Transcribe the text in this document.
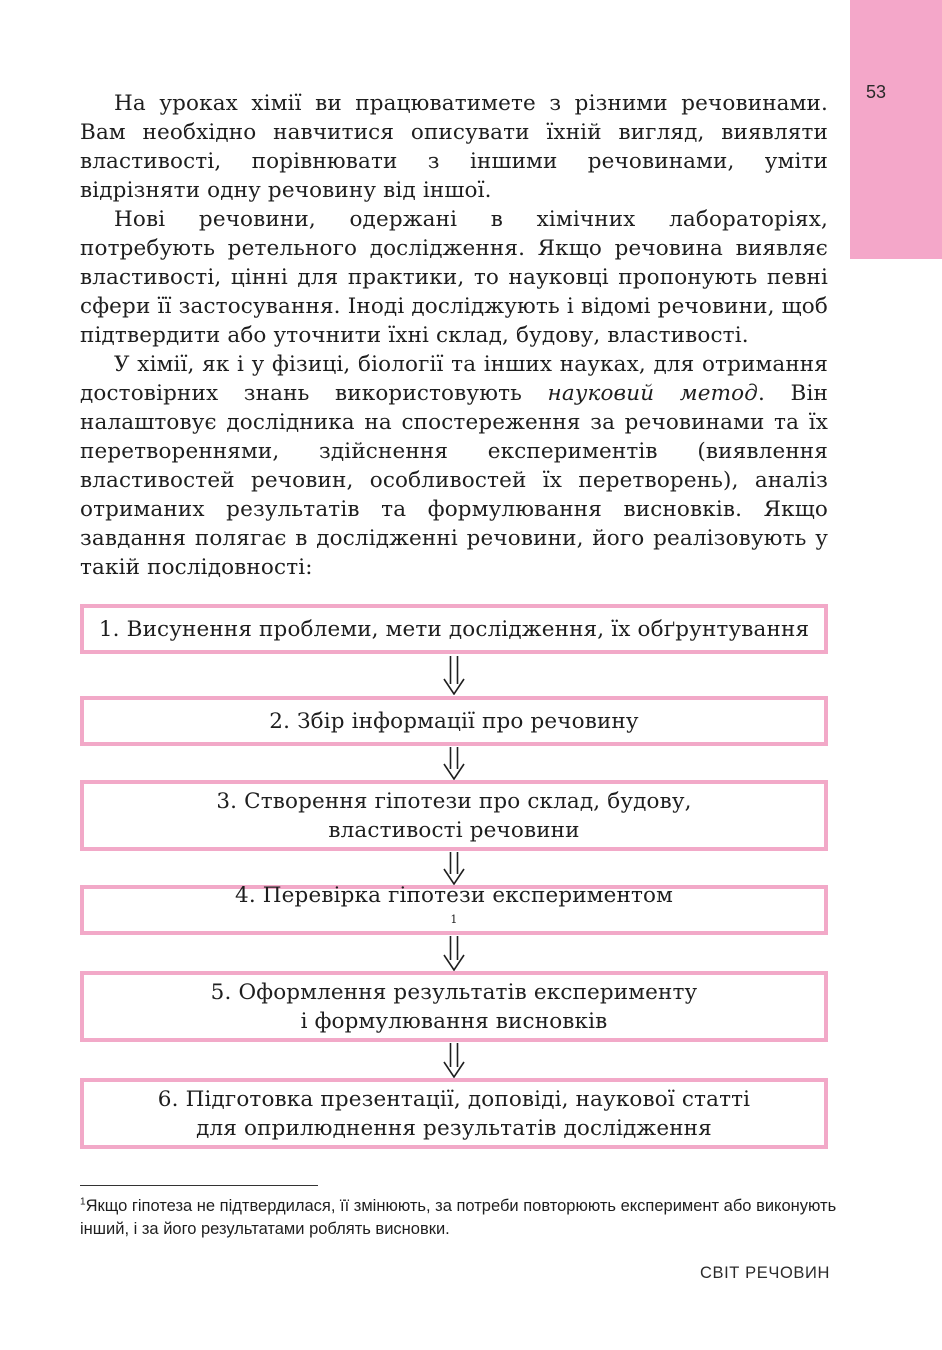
53

На уроках хімії ви працюватимете з різними речовинами. Вам необхідно навчитися описувати їхній вигляд, виявляти властивості, порівнювати з іншими речовинами, уміти відрізняти одну речовину від іншої.

Нові речовини, одержані в хімічних лабораторіях, потребують ретельного дослідження. Якщо речовина виявляє властивості, цінні для практики, то науковці пропонують певні сфери її застосування. Іноді досліджують і відомі речовини, щоб підтвердити або уточнити їхні склад, будову, властивості.

У хімії, як і у фізиці, біології та інших науках, для отримання достовірних знань використовують науковий метод. Він налаштовує дослідника на спостереження за речовинами та їх перетвореннями, здійснення експериментів (виявлення властивостей речовин, особливостей їх перетворень), аналіз отриманих результатів та формулювання висновків. Якщо завдання полягає в дослідженні речовини, його реалізовують у такій послідовності:

1. Висунення проблеми, мети дослідження, їх обґрунтування
2. Збір інформації про речовину
3. Створення гіпотези про склад, будову,
властивості речовини
4. Перевірка гіпотези експериментом
$^1$
5. Оформлення результатів експерименту
і формулювання висновків
6. Підготовка презентації, доповіді, наукової статті
для оприлюднення результатів дослідження
$^1$Якщо гіпотеза не підтвердилася, її змінюють, за потреби повторюють експеримент або виконують інший, і за його результатами роблять висновки.
СВІТ РЕЧОВИН
